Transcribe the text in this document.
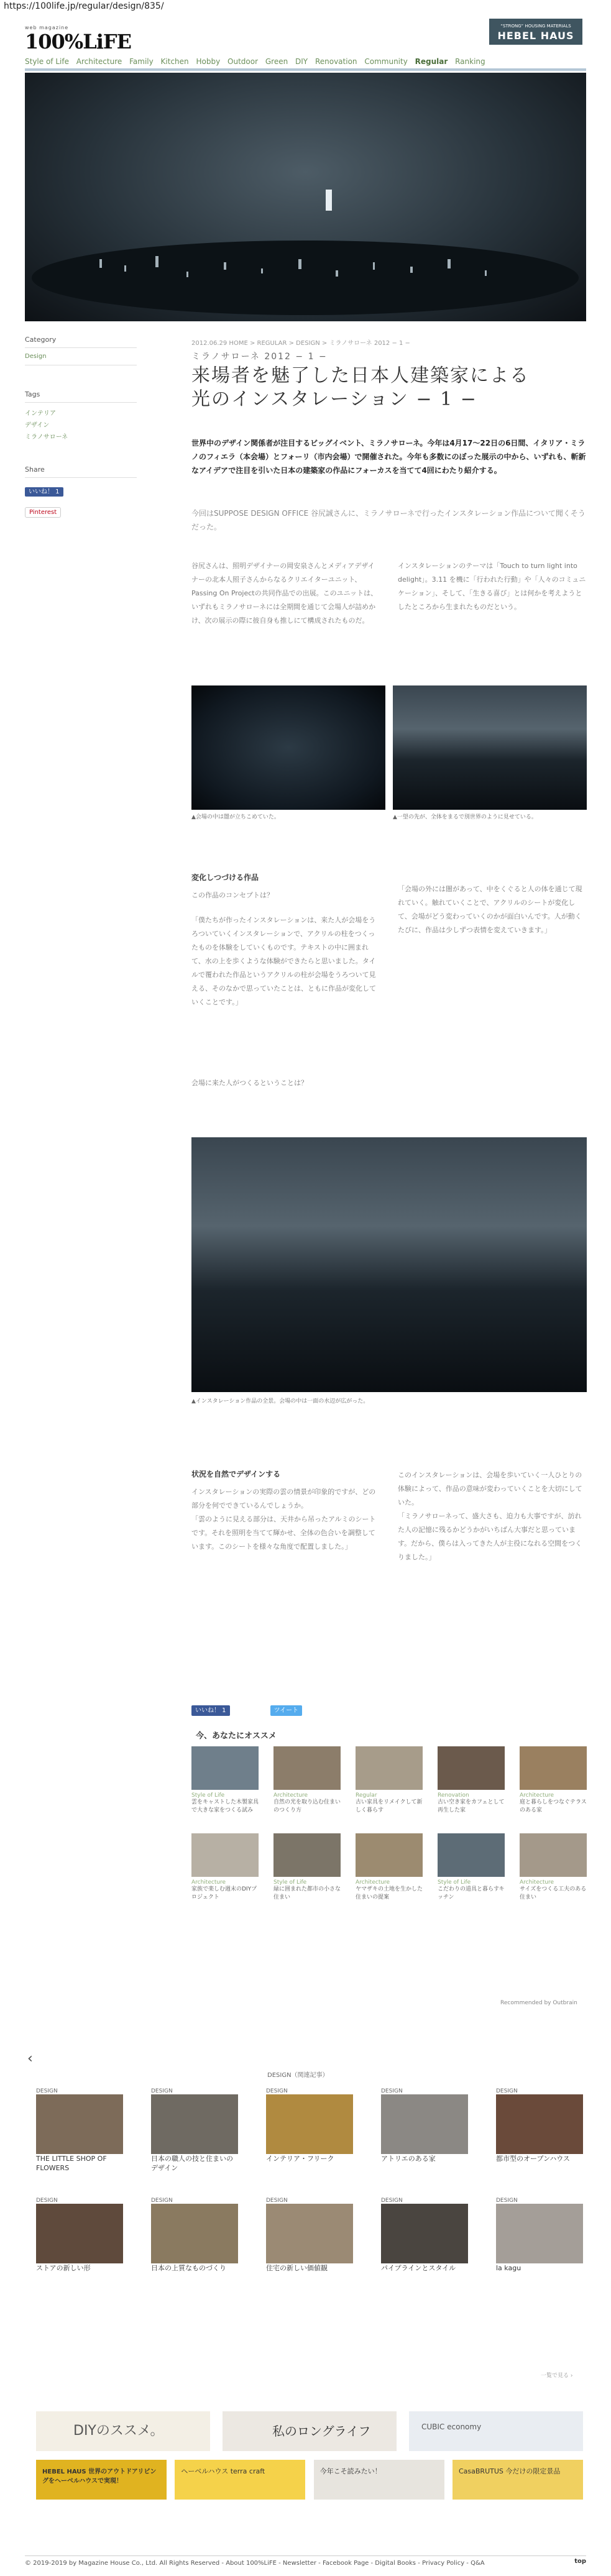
https://100life.jp/regular/design/835/
web magazine
100%LiFE
“STRONG” HOUSING MATERIALS
HEBEL HAUS
Style of Life Architecture Family Kitchen Hobby Outdoor Green DIY Renovation Community Regular Ranking
Category
Design
Tags
インテリア
デザイン
ミラノサローネ
Share
いいね！ 1
Pinterest
2012.06.29 HOME > REGULAR > DESIGN > ミラノサローネ 2012 − 1 −
ミラノサローネ 2012 − 1 −
来場者を魅了した日本人建築家による
光のインスタレーション − 1 −
世界中のデザイン関係者が注目するビッグイベント、ミラノサローネ。今年は4月17〜22日の6日間、イタリア・ミラノのフィエラ（本会場）とフォーリ（市内会場）で開催された。今年も多数にのぼった展示の中から、いずれも、斬新なアイデアで注目を引いた日本の建築家の作品にフォーカスを当てて4回にわたり紹介する。
今回はSUPPOSE DESIGN OFFICE 谷尻誠さんに、ミラノサローネで行ったインスタレーション作品について聞くそうだった。
谷尻さんは、照明デザイナーの岡安泉さんとメディアデザイナーの北本人照子さんからなるクリエイターユニット、Passing On Projectの共同作品での出展。このユニットは、いずれもミラノサローネには全期間を通じて会場人が詰めかけ、次の展示の際に彼自身も推しにて構成されたものだ。
インスタレーションのテーマは「Touch to turn light into delight」。3.11 を機に「行われた行動」や「人々のコミュニケーション」、そして、「生きる喜び」とは何かを考えようとしたところから生まれたものだという。
▲会場の中は闇が立ちこめていた。	▲一望の先が、全体をまるで別世界のように見せている。
変化しつづける作品
この作品のコンセプトは？
「僕たちが作ったインスタレーションは、来た人が会場をうろついていくインスタレーションで、アクリルの柱をつくったものを体験をしていくものです。テキストの中に囲まれて、水の上を歩くような体験ができたらと思いました。タイルで覆われた作品というアクリルの柱が会場をうろついて見える、そのなかで思っていたことは、ともに作品が変化していくことです。」
会場に来た人がつくるということは？
「会場の外には闇があって、中をくぐると人の体を通じて現れていく。触れていくことで、アクリルのシートが変化して、会場がどう変わっていくのかが面白いんです。人が動くたびに、作品は少しずつ表情を変えていきます。」
▲インスタレーション作品の全景。会場の中は一面の水辺が広がった。
状況を自然でデザインする
インスタレーションの実際の雲の情景が印象的ですが、どの部分を何でできているんでしょうか。
「雲のように見える部分は、天井から吊ったアルミのシートです。それを照明を当てて輝かせ、全体の色合いを調整しています。このシートを様々な角度で配置しました。」
このインスタレーションは、会場を歩いていく一人ひとりの体験によって、作品の意味が変わっていくことを大切にしていた。
「ミラノサローネって、盛大さも、迫力も大事ですが、訪れた人の記憶に残るかどうかがいちばん大事だと思っています。だから、僕らは入ってきた人が主役になれる空間をつくりました。」
いいね！ 1	ツイート
今、あなたにオススメ
Style of Life
雲をキャストした木製家具で大きな家をつくる試み
Architecture
自然の光を取り込む住まいのつくり方
Regular
古い家具をリメイクして新しく暮らす
Renovation
古い空き家をカフェとして再生した家
Architecture
庭と暮らしをつなぐテラスのある家
Architecture
家族で楽しむ週末のDIYプロジェクト
Style of Life
緑に囲まれた都市の小さな住まい
Architecture
ヤマザキの土地を生かした住まいの提案
Style of Life
こだわりの道具と暮らすキッチン
Architecture
サイズをつくる工夫のある住まい
Recommended by Outbrain
‹
DESIGN（関連記事）
DESIGN
THE LITTLE SHOP OF FLOWERS
DESIGN
日本の職人の技と住まいのデザイン
DESIGN
インテリア・フリーク
DESIGN
アトリエのある家
DESIGN
都市型のオープンハウス
DESIGN
ストアの新しい形
DESIGN
日本の上質なものづくり
DESIGN
住宅の新しい価値観
DESIGN
パイプラインとスタイル
DESIGN
la kagu
一覧で見る ›
DIYのススメ。	私のロングライフ	CUBIC economy
HEBEL HAUS 世界のアウトドアリビングをヘーベルハウスで実現！
ヘーベルハウス terra craft	今年こそ読みたい！	CasaBRUTUS 今だけの限定景品
© 2019-2019 by Magazine House Co., Ltd. All Rights Reserved - About 100%LiFE - Newsletter - Facebook Page - Digital Books - Privacy Policy - Q&A	top
